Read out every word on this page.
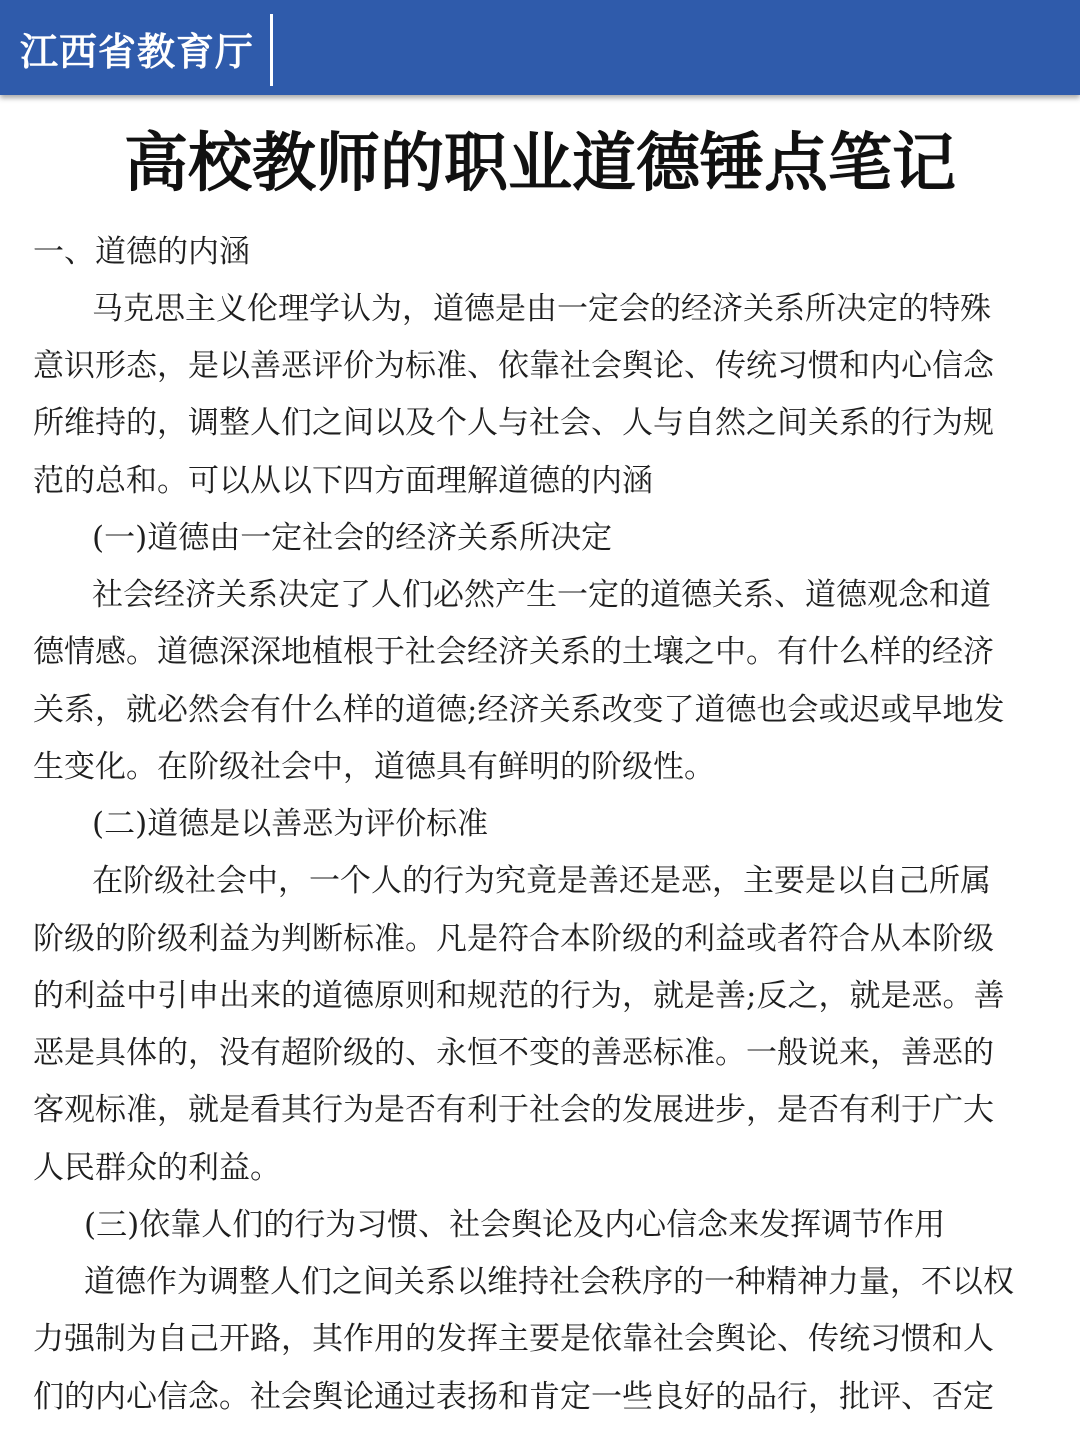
江西省教育厅
高校教师的职业道德锤点笔记
一、道德的内涵
马克思主义伦理学认为，道德是由一定会的经济关系所决定的特殊
意识形态，是以善恶评价为标准、依靠社会舆论、传统习惯和内心信念
所维持的，调整人们之间以及个人与社会、人与自然之间关系的行为规
范的总和。可以从以下四方面理解道德的内涵
(一)道德由一定社会的经济关系所决定
社会经济关系决定了人们必然产生一定的道德关系、道德观念和道
德情感。道德深深地植根于社会经济关系的土壤之中。有什么样的经济
关系，就必然会有什么样的道德;经济关系改变了道德也会或迟或早地发
生变化。在阶级社会中，道德具有鲜明的阶级性。
(二)道德是以善恶为评价标准
在阶级社会中，一个人的行为究竟是善还是恶，主要是以自己所属
阶级的阶级利益为判断标准。凡是符合本阶级的利益或者符合从本阶级
的利益中引申出来的道德原则和规范的行为，就是善;反之，就是恶。善
恶是具体的，没有超阶级的、永恒不变的善恶标准。一般说来，善恶的
客观标准，就是看其行为是否有利于社会的发展进步，是否有利于广大
人民群众的利益。
(三)依靠人们的行为习惯、社会舆论及内心信念来发挥调节作用
道德作为调整人们之间关系以维持社会秩序的一种精神力量，不以权
力强制为自己开路，其作用的发挥主要是依靠社会舆论、传统习惯和人
们的内心信念。社会舆论通过表扬和肯定一些良好的品行，批评、否定
